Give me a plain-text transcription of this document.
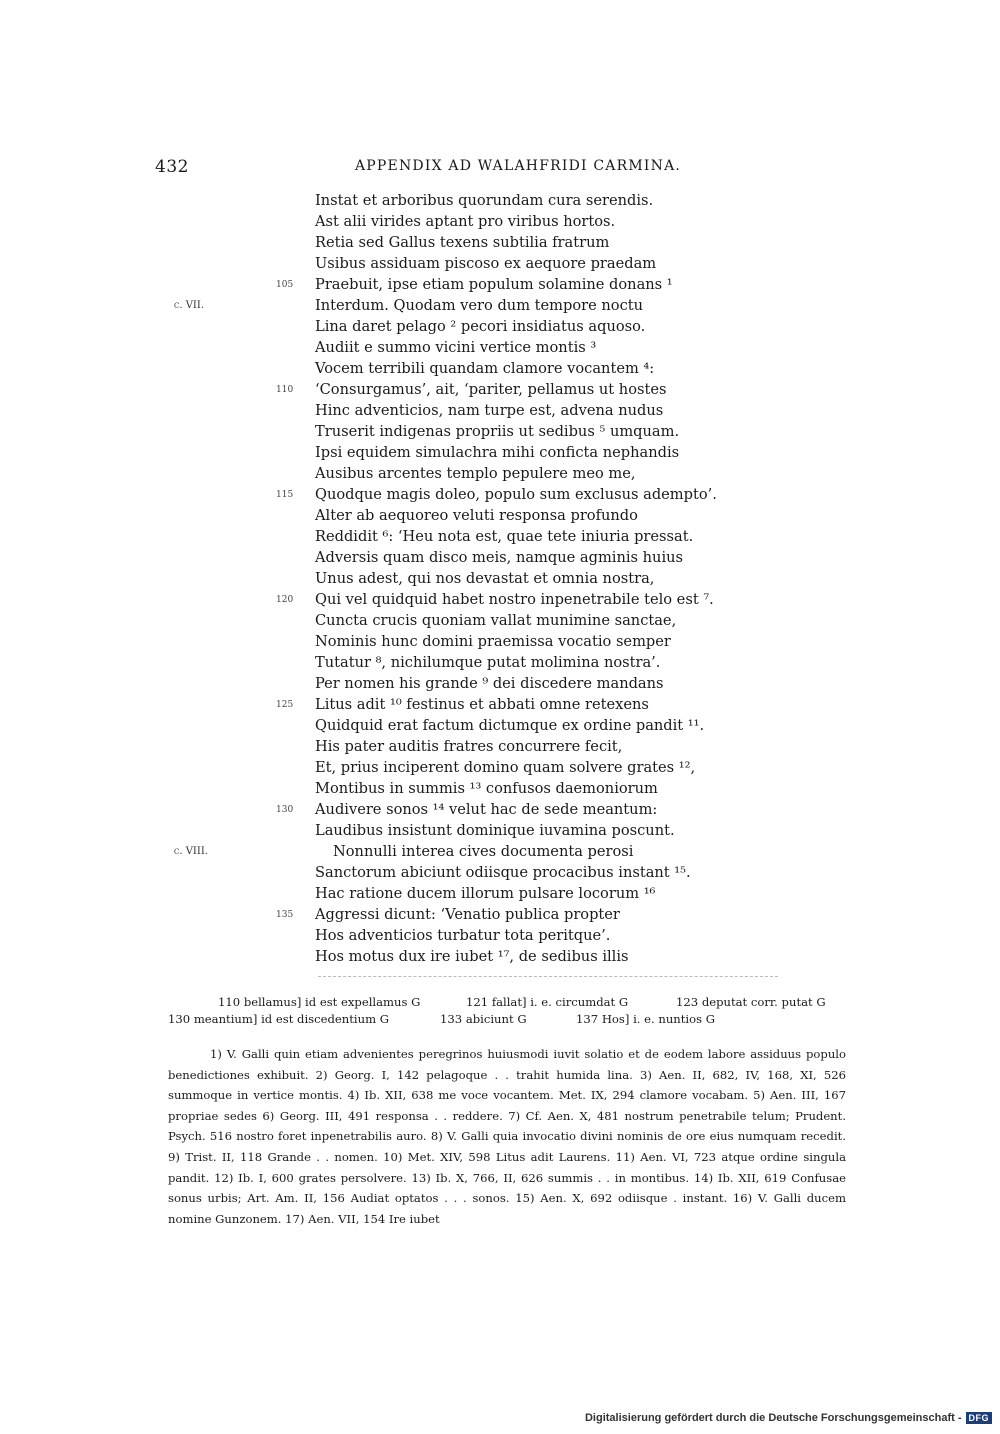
432	APPENDIX AD WALAHFRIDI CARMINA.
Instat et arboribus quorundam cura serendis.
Ast alii virides aptant pro viribus hortos.
Retia sed Gallus texens subtilia fratrum
Usibus assiduam piscoso ex aequore praedam
105 Praebuit, ipse etiam populum solamine donans ¹
c. VII.	Interdum. Quodam vero dum tempore noctu
Lina daret pelago ² pecori insidiatus aquoso.
Audiit e summo vicini vertice montis ³
Vocem terribili quandam clamore vocantem ⁴:
110 ‘Consurgamus’, ait, ‘pariter, pellamus ut hostes
Hinc adventicios, nam turpe est, advena nudus
Truserit indigenas propriis ut sedibus ⁵ umquam.
Ipsi equidem simulachra mihi conficta nephandis
Ausibus arcentes templo pepulere meo me,
115 Quodque magis doleo, populo sum exclusus adempto’.
Alter ab aequoreo veluti responsa profundo
Reddidit ⁶: ‘Heu nota est, quae tete iniuria pressat.
Adversis quam disco meis, namque agminis huius
Unus adest, qui nos devastat et omnia nostra,
120 Qui vel quidquid habet nostro inpenetrabile telo est ⁷.
Cuncta crucis quoniam vallat munimine sanctae,
Nominis hunc domini praemissa vocatio semper
Tutatur ⁸, nichilumque putat molimina nostra’.
Per nomen his grande ⁹ dei discedere mandans
125 Litus adit ¹⁰ festinus et abbati omne retexens
Quidquid erat factum dictumque ex ordine pandit ¹¹.
His pater auditis fratres concurrere fecit,
Et, prius inciperent domino quam solvere grates ¹²,
Montibus in summis ¹³ confusos daemoniorum
130 Audivere sonos ¹⁴ velut hac de sede meantum:
Laudibus insistunt dominique iuvamina poscunt.
c. VIII.	Nonnulli interea cives documenta perosi
Sanctorum abiciunt odiisque procacibus instant ¹⁵.
Hac ratione ducem illorum pulsare locorum ¹⁶
135 Aggressi dicunt: ‘Venatio publica propter
Hos adventicios turbatur tota peritque’.
Hos motus dux ire iubet ¹⁷, de sedibus illis
110 bellamus] id est expellamus G	121 fallat] i. e. circumdat G	123 deputat corr. putat G
130 meantium] id est discedentium G	133 abiciunt G	137 Hos] i. e. nuntios G

1) V. Galli quin etiam advenientes peregrinos huiusmodi iuvit solatio et de eodem labore assiduus populo benedictiones exhibuit. 2) Georg. I, 142 pelagoque . . trahit humida lina. 3) Aen. II, 682, IV, 168, XI, 526 summoque in vertice montis. 4) Ib. XII, 638 me voce vocantem. Met. IX, 294 clamore vocabam. 5) Aen. III, 167 propriae sedes 6) Georg. III, 491 responsa . . reddere. 7) Cf. Aen. X, 481 nostrum penetrabile telum; Prudent. Psych. 516 nostro foret inpenetrabilis auro. 8) V. Galli quia invocatio divini nominis de ore eius numquam recedit. 9) Trist. II, 118 Grande . . nomen. 10) Met. XIV, 598 Litus adit Laurens. 11) Aen. VI, 723 atque ordine singula pandit. 12) Ib. I, 600 grates persolvere. 13) Ib. X, 766, II, 626 summis . . in montibus. 14) Ib. XII, 619 Confusae sonus urbis; Art. Am. II, 156 Audiat optatos . . . sonos. 15) Aen. X, 692 odiisque . instant. 16) V. Galli ducem nomine Gunzonem. 17) Aen. VII, 154 Ire iubet

Digitalisierung gefördert durch die Deutsche Forschungsgemeinschaft - DFG
